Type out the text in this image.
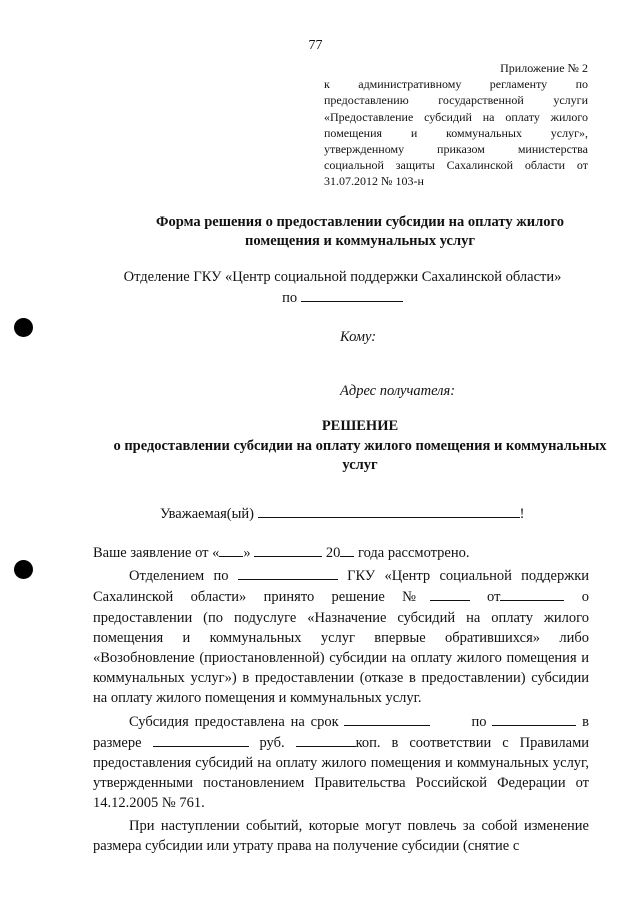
77
Приложение № 2
к административному регламенту по предоставлению государственной услуги «Предоставление субсидий на оплату жилого помещения и коммунальных услуг», утвержденному приказом министерства социальной защиты Сахалинской области от 31.07.2012 № 103-н
Форма решения о предоставлении субсидии на оплату жилого помещения и коммунальных услуг
Отделение ГКУ «Центр социальной поддержки Сахалинской области»
по
Кому:
Адрес получателя:
РЕШЕНИЕ
о предоставлении субсидии на оплату жилого помещения и коммунальных услуг
Уважаемая(ый)	!

Ваше заявление от « »	20 года рассмотрено.

Отделением по	ГКУ «Центр социальной поддержки Сахалинской области» принято решение №	от	о предоставлении (по подуслуге «Назначение субсидий на оплату жилого помещения и коммунальных услуг впервые обратившихся» либо «Возобновление (приостановленной) субсидии на оплату жилого помещения и коммунальных услуг») в предоставлении (отказе в предоставлении) субсидии на оплату жилого помещения и коммунальных услуг.

Субсидия предоставлена на срок	по	в размере	руб.	коп. в соответствии с Правилами предоставления субсидий на оплату жилого помещения и коммунальных услуг, утвержденными постановлением Правительства Российской Федерации от 14.12.2005 № 761.

При наступлении событий, которые могут повлечь за собой изменение размера субсидии или утрату права на получение субсидии (снятие с
